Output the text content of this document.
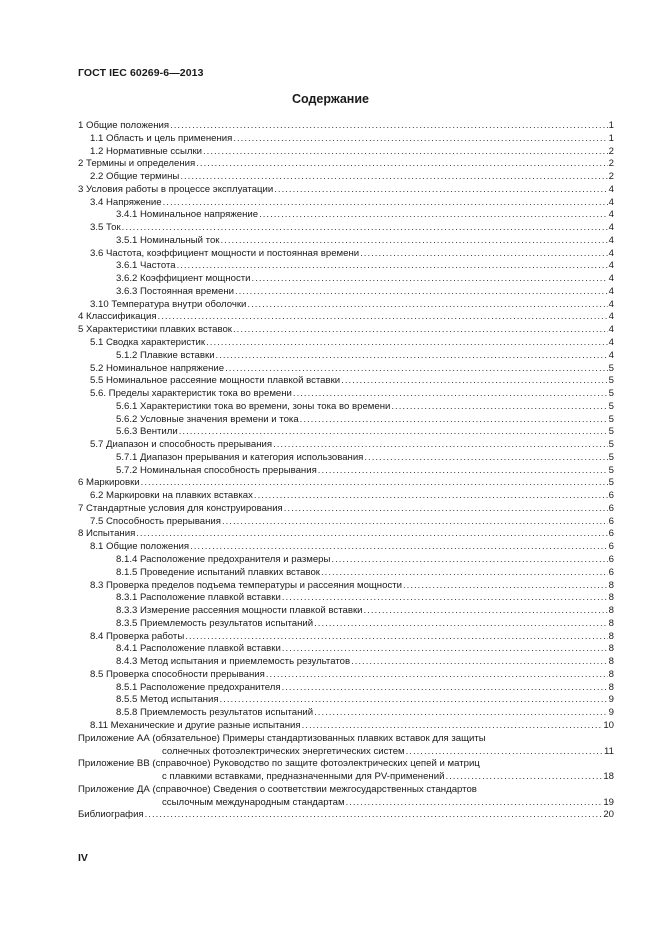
ГОСТ IEC 60269-6—2013
Содержание
1 Общие положения .....	1
1.1 Область и цель применения .....	1
1.2 Нормативные ссылки .....	2
2 Термины и определения .....	2
2.2 Общие термины .....	2
3 Условия работы в процессе эксплуатации .....	4
3.4 Напряжение .....	4
3.4.1 Номинальное напряжение .....	4
3.5 Ток .....	4
3.5.1 Номинальный ток .....	4
3.6 Частота, коэффициент мощности и постоянная времени .....	4
3.6.1 Частота .....	4
3.6.2 Коэффициент мощности .....	4
3.6.3 Постоянная времени .....	4
3.10 Температура внутри оболочки .....	4
4 Классификация .....	4
5 Характеристики плавких вставок .....	4
5.1 Сводка характеристик .....	4
5.1.2 Плавкие вставки .....	4
5.2 Номинальное напряжение .....	5
5.5 Номинальное рассеяние мощности плавкой вставки .....	5
5.6. Пределы характеристик тока во времени .....	5
5.6.1 Характеристики тока во времени, зоны тока во времени .....	5
5.6.2 Условные значения времени и тока .....	5
5.6.3 Вентили .....	5
5.7 Диапазон и способность прерывания .....	5
5.7.1 Диапазон прерывания и категория использования .....	5
5.7.2 Номинальная способность прерывания .....	5
6 Маркировки .....	5
6.2 Маркировки на плавких вставках .....	6
7 Стандартные условия для конструирования .....	6
7.5 Способность прерывания .....	6
8 Испытания .....	6
8.1 Общие положения .....	6
8.1.4 Расположение предохранителя и размеры .....	6
8.1.5 Проведение испытаний плавких вставок .....	6
8.3 Проверка пределов подъема температуры и рассеяния мощности .....	8
8.3.1 Расположение плавкой вставки .....	8
8.3.3 Измерение рассеяния мощности плавкой вставки .....	8
8.3.5 Приемлемость результатов испытаний .....	8
8.4 Проверка работы .....	8
8.4.1 Расположение плавкой вставки .....	8
8.4.3 Метод испытания и приемлемость результатов .....	8
8.5 Проверка способности прерывания .....	8
8.5.1 Расположение предохранителя .....	8
8.5.5 Метод испытания .....	9
8.5.8 Приемлемость результатов испытаний .....	9
8.11 Механические и другие разные испытания .....	10
Приложение АА (обязательное) Примеры стандартизованных плавких вставок для защиты
солнечных фотоэлектрических энергетических систем .....	11
Приложение ВВ (справочное) Руководство по защите фотоэлектрических цепей и матриц
с плавкими вставками, предназначенными для PV-применений .....	18
Приложение ДА (справочное) Сведения о соответствии межгосударственных стандартов
ссылочным международным стандартам .....	19
Библиография .....	20
IV
